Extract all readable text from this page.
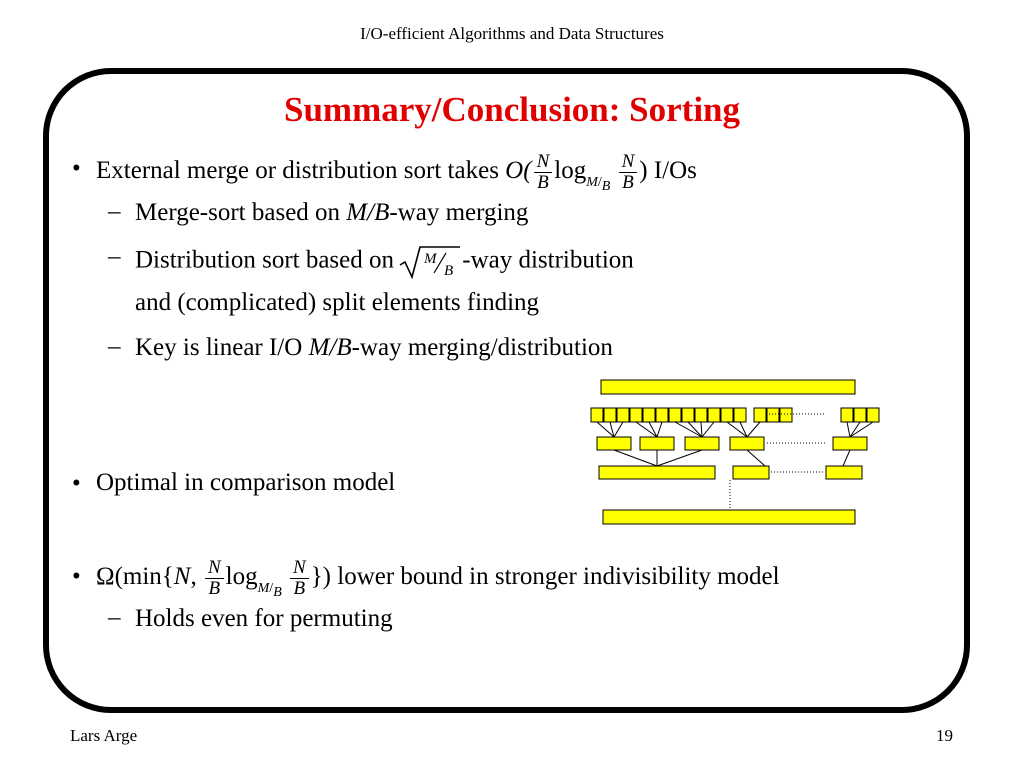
I/O-efficient Algorithms and Data Structures
Summary/Conclusion: Sorting
• External merge or distribution sort takes $O( \frac{N}{B} \log_{M/B} \frac{N}{B}$ ) I/Os
– Merge-sort based on M/B-way merging
– Distribution sort based on M
B -way distribution
and (complicated) split elements finding
– Key is linear I/O M/B-way merging/distribution
• Optimal in comparison model
• Ω(min{N, $\frac{N}{B} \log_{M/B} \frac{N}{B}$ }) lower bound in stronger indivisibility model
– Holds even for permuting
Lars Arge	19
